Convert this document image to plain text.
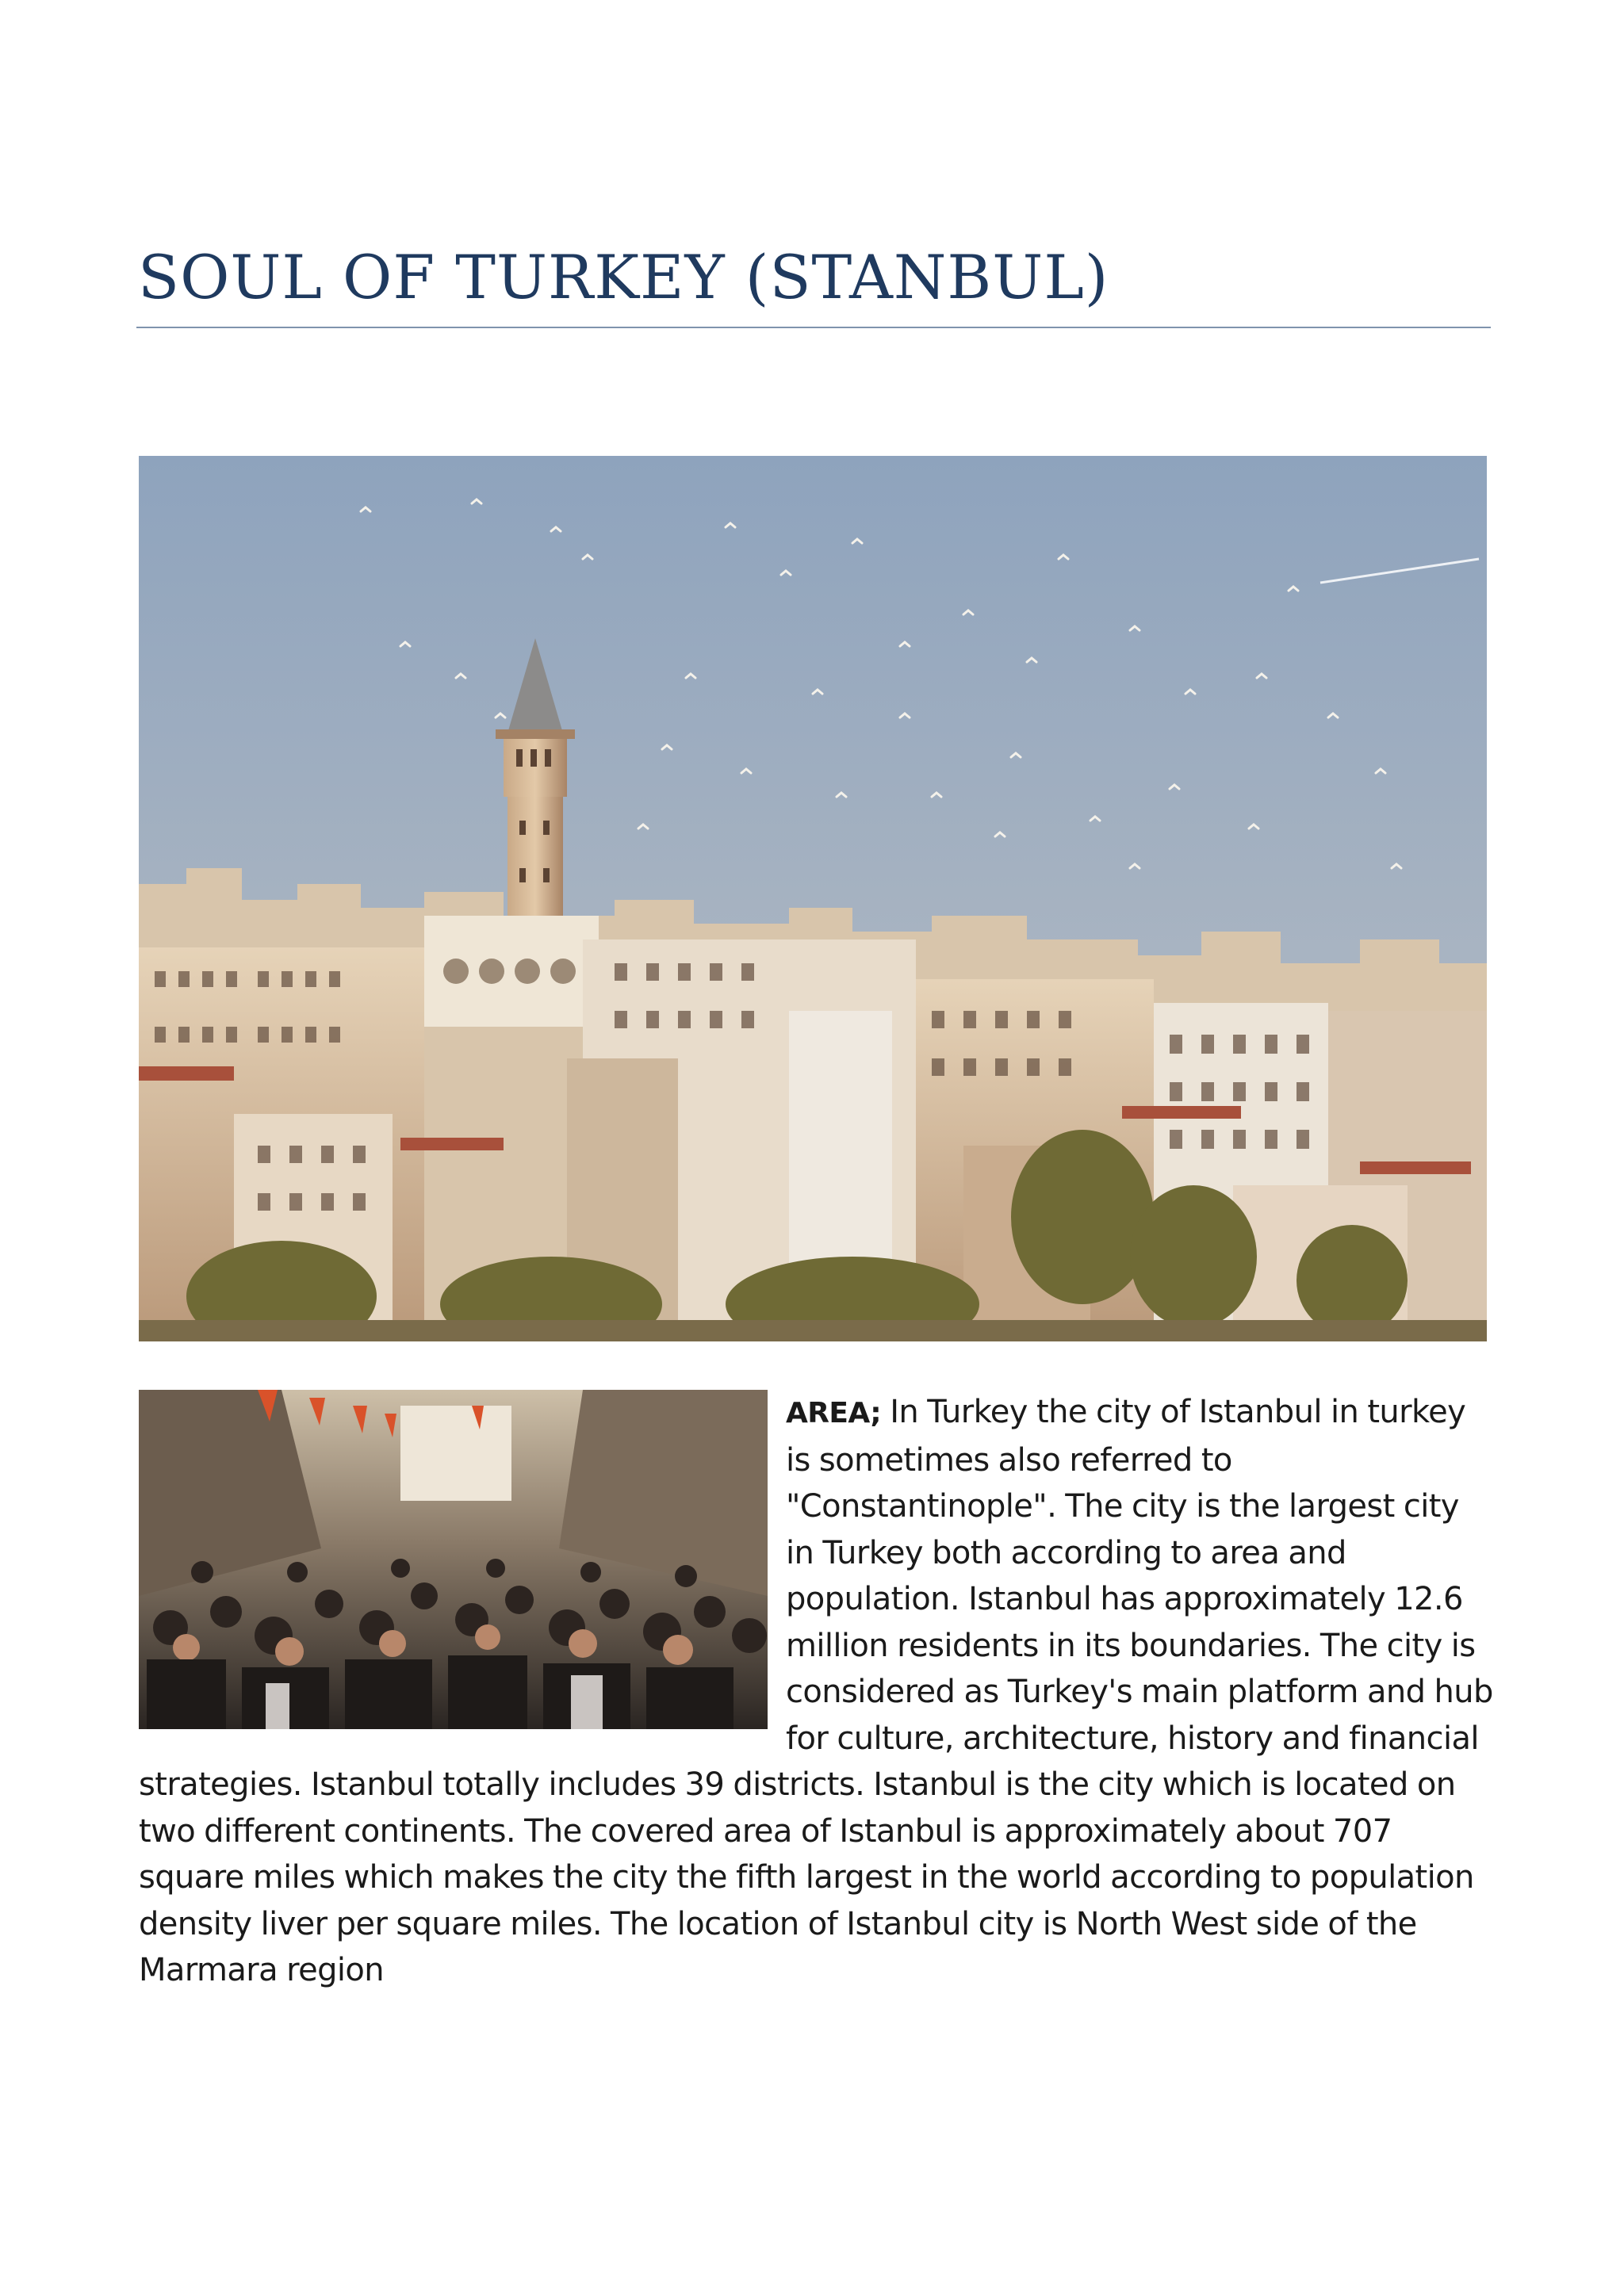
SOUL OF TURKEY (STANBUL)

AREA; In Turkey the city of Istanbul in turkey is sometimes also referred to "Constantinople". The city is the largest city in Turkey both according to area and population. Istanbul has approximately 12.6 million residents in its boundaries. The city is considered as Turkey's main platform and hub for culture, architecture, history and financial strategies. Istanbul totally includes 39 districts. Istanbul is the city which is located on two different continents. The covered area of Istanbul is approximately about 707 square miles which makes the city the fifth largest in the world according to population density liver per square miles. The location of Istanbul city is North West side of the Marmara region
